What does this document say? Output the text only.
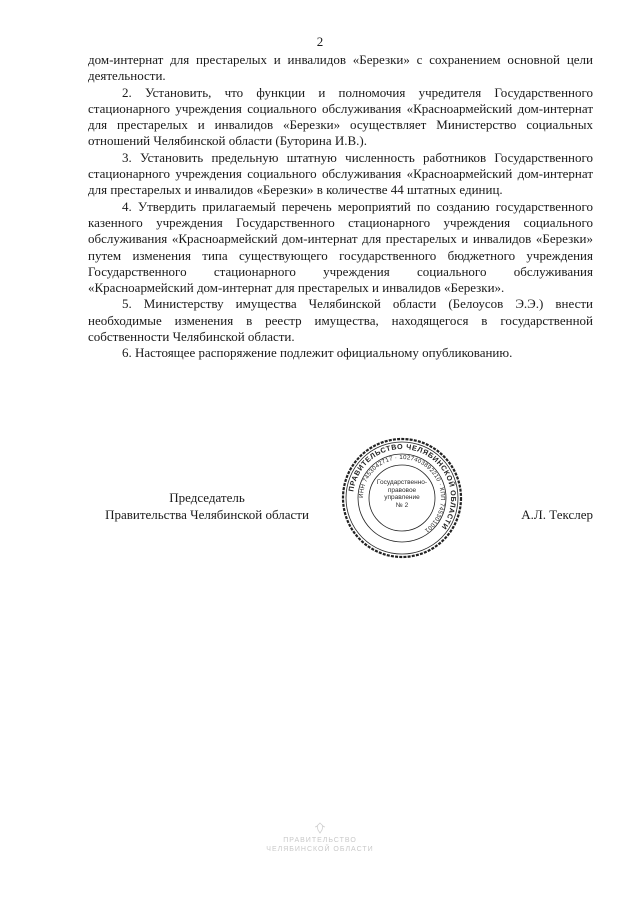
2

дом-интернат для престарелых и инвалидов «Березки» с сохранением основной цели деятельности.

2. Установить, что функции и полномочия учредителя Государственного стационарного учреждения социального обслуживания «Красноармейский дом-интернат для престарелых и инвалидов «Березки» осуществляет Министерство социальных отношений Челябинской области (Буторина И.В.).

3. Установить предельную штатную численность работников Государственного стационарного учреждения социального обслуживания «Красноармейский дом-интернат для престарелых и инвалидов «Березки» в количестве 44 штатных единиц.

4. Утвердить прилагаемый перечень мероприятий по созданию государственного казенного учреждения Государственного стационарного учреждения социального обслуживания «Красноармейский дом-интернат для престарелых и инвалидов «Березки» путем изменения типа существующего государственного бюджетного учреждения Государственного стационарного учреждения социального обслуживания «Красноармейский дом-интернат для престарелых и инвалидов «Березки».

5. Министерству имущества Челябинской области (Белоусов Э.Э.) внести необходимые изменения в реестр имущества, находящегося в государственной собственности Челябинской области.

6. Настоящее распоряжение подлежит официальному опубликованию.

Председатель
Правительства Челябинской области
ПРАВИТЕЛЬСТВО ЧЕЛЯБИНСКОЙ ОБЛАСТИ
ИНН 7453042717 · 1027403892210 · КПП 745301001
Государственно-
правовое
управление
№ 2
А.Л. Текслер
ПРАВИТЕЛЬСТВО
ЧЕЛЯБИНСКОЙ ОБЛАСТИ
